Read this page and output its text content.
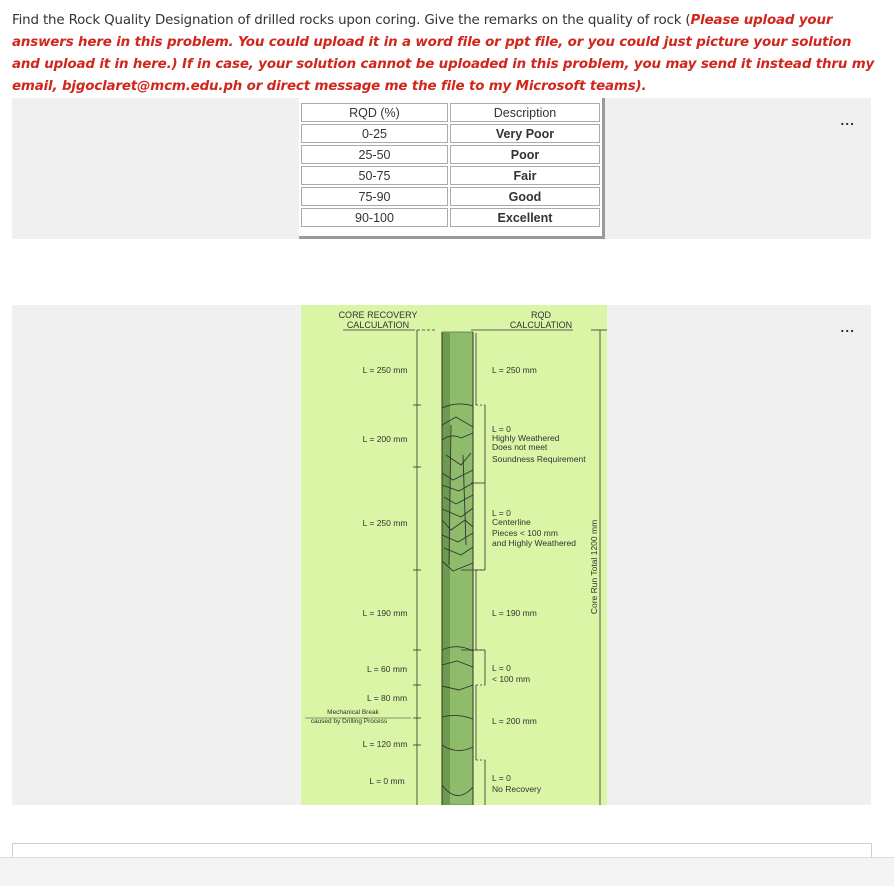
Find the Rock Quality Designation of drilled rocks upon coring. Give the remarks on the quality of rock (Please upload your answers here in this problem. You could upload it in a word file or ppt file, or you could just picture your solution and upload it in here.) If in case, your solution cannot be uploaded in this problem, you may send it instead thru my email, bjgoclaret@mcm.edu.ph or direct message me the file to my Microsoft teams).
...
RQD (%)	Description
0-25	Very Poor
25-50	Poor
50-75	Fair
75-90	Good
90-100	Excellent
...
CORE RECOVERY
CALCULATION
RQD
CALCULATION
L = 250 mm
L = 200 mm
L = 250 mm
L = 190 mm
L = 60 mm
L = 80 mm
L = 120 mm
L = 0 mm
Mechanical Break
caused by Drilling Process
L = 250 mm
L = 0
Highly Weathered
Does not meet
Soundness Requirement
L = 0
Centerline
Pieces < 100 mm
and Highly Weathered
L = 190 mm
L = 0
< 100 mm
L = 200 mm
L = 0
No Recovery
Core Run Total 1200 mm
